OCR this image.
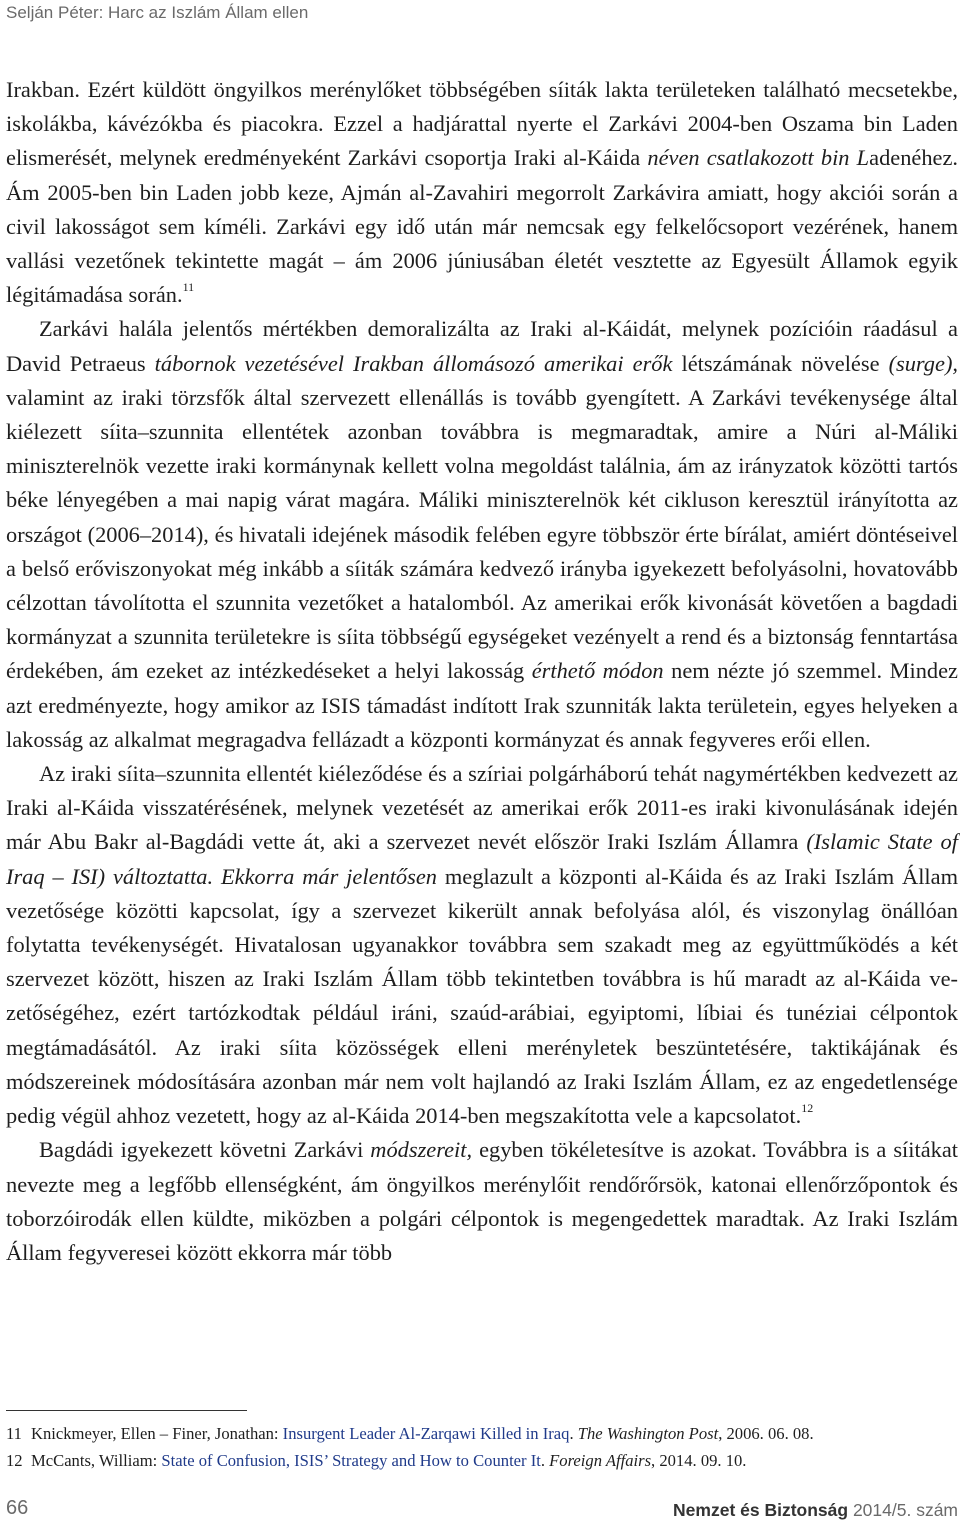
Selján Péter: Harc az Iszlám Állam ellen

Irakban. Ezért küldött öngyilkos merénylőket többségében síiták lakta területeken található mecsetekbe, iskolákba, kávézókba és piacokra. Ezzel a hadjárattal nyerte el Zarkávi 2004-ben Oszama bin Laden elismerését, melynek eredményeként Zarkávi csoportja Iraki al-Káida néven csatlakozott bin Ladenéhez. Ám 2005-ben bin Laden jobb keze, Ajmán al-Zavahiri megorrolt Zarkávira amiatt, hogy akciói során a civil lakosságot sem kíméli. Zarkávi egy idő után már nemcsak egy felkelőcsoport vezérének, hanem vallási vezetőnek tekintette magát – ám 2006 júniusában életét vesztette az Egyesült Államok egyik légitámadása során.$^{11}$

Zarkávi halála jelentős mértékben demoralizálta az Iraki al-Káidát, melynek pozícióin ráadásul a David Petraeus tábornok vezetésével Irakban állomásozó amerikai erők létszámának növelése (surge), valamint az iraki törzsfők által szervezett ellenállás is tovább gyengített. A Zarkávi tevékenysége által kiélezett síita–szunnita ellentétek azonban továbbra is megmaradtak, amire a Núri al-Máliki miniszterelnök vezette iraki kormánynak kellett volna megoldást találnia, ám az irányzatok közötti tartós béke lényegében a mai napig várat magára. Máliki miniszterelnök két cikluson keresztül irányította az országot (2006–2014), és hivatali idejének második felében egyre többször érte bírálat, amiért döntéseivel a belső erőviszonyokat még inkább a síiták számára kedvező irányba igyekezett befolyásolni, hovatovább célzottan távolította el szunnita vezetőket a hatalomból. Az amerikai erők kivonását követően a bagdadi kormányzat a szunnita területekre is síita többségű egységeket vezényelt a rend és a biztonság fenntartása érdekében, ám ezeket az intézkedéseket a helyi lakosság érthető módon nem nézte jó szemmel. Mindez azt eredményezte, hogy amikor az ISIS támadást indított Irak szunniták lakta területein, egyes helyeken a lakosság az alkalmat megragadva fellázadt a központi kormányzat és annak fegyveres erői ellen.

Az iraki síita–szunnita ellentét kiéleződése és a szíriai polgárháború tehát nagymértékben kedvezett az Iraki al-Káida visszatérésének, melynek vezetését az amerikai erők 2011-es iraki kivonulásának idején már Abu Bakr al-Bagdádi vette át, aki a szervezet nevét először Iraki Iszlám Államra (Islamic State of Iraq – ISI) változtatta. Ekkorra már jelentősen meglazult a központi al-Káida és az Iraki Iszlám Állam vezetősége közötti kapcsolat, így a szervezet kikerült annak befolyása alól, és viszonylag önállóan folytatta tevékenységét. Hivatalosan ugyanakkor továbbra sem szakadt meg az együttműködés a két szervezet között, hiszen az Iraki Iszlám Állam több tekintetben továbbra is hű maradt az al-Káida vezetőségéhez, ezért tartózkodtak például iráni, szaúd-arábiai, egyiptomi, líbiai és tunéziai célpontok megtámadásától. Az iraki síita közösségek elleni merényletek beszüntetésére, taktikájának és módszereinek módosítására azonban már nem volt hajlandó az Iraki Iszlám Állam, ez az engedetlensége pedig végül ahhoz vezetett, hogy az al-Káida 2014-ben megszakította vele a kapcsolatot.$^{12}$

Bagdádi igyekezett követni Zarkávi módszereit, egyben tökéletesítve is azokat. Továbbra is a síitákat nevezte meg a legfőbb ellenségként, ám öngyilkos merénylőit rendőrőrsök, katonai ellenőrzőpontok és toborzóirodák ellen küldte, miközben a polgári célpontok is megengedettek maradtak. Az Iraki Iszlám Állam fegyveresei között ekkorra már több

11 Knickmeyer, Ellen – Finer, Jonathan: Insurgent Leader Al-Zarqawi Killed in Iraq. The Washington Post, 2006. 06. 08.
12 McCants, William: State of Confusion, ISIS’ Strategy and How to Counter It. Foreign Affairs, 2014. 09. 10.
66	Nemzet és Biztonság 2014/5. szám
